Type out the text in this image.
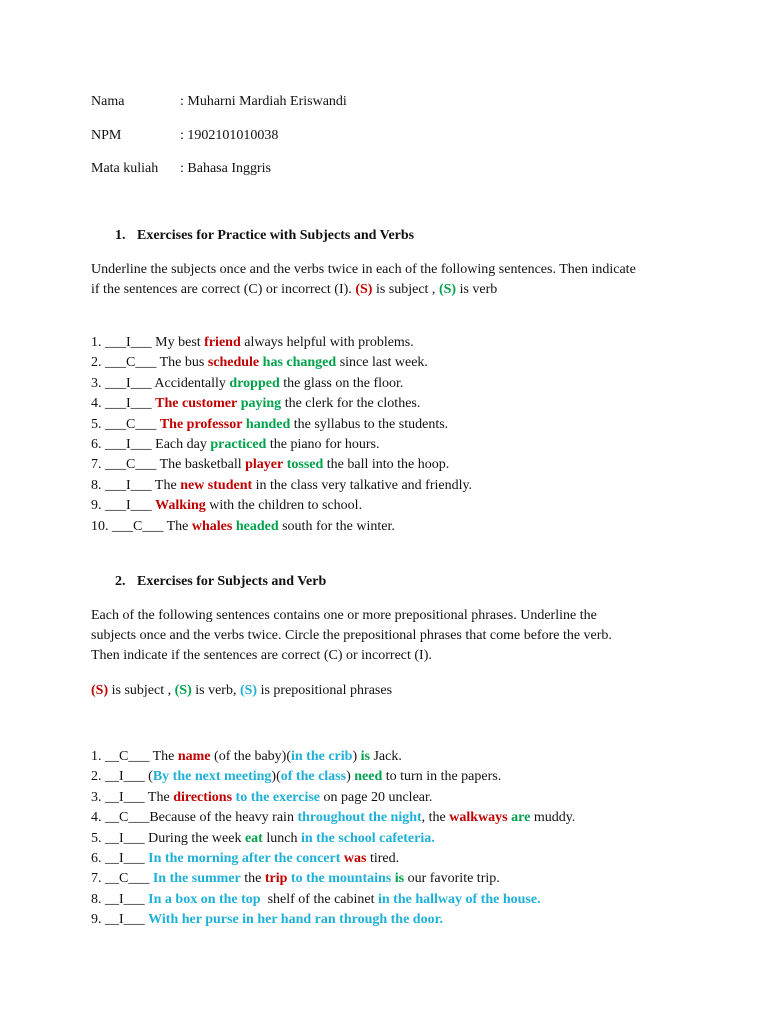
Nama	: Muharni Mardiah Eriswandi
NPM	: 1902101010038
Mata kuliah : Bahasa Inggris
1. Exercises for Practice with Subjects and Verbs

Underline the subjects once and the verbs twice in each of the following sentences. Then indicate

if the sentences are correct (C) or incorrect (I). (S) is subject , (S) is verb

1. ___I___ My best friend always helpful with problems.
2. ___C___ The bus schedule has changed since last week.
3. ___I___ Accidentally dropped the glass on the floor.
4. ___I___ The customer paying the clerk for the clothes.
5. ___C___ The professor handed the syllabus to the students.
6. ___I___ Each day practiced the piano for hours.
7. ___C___ The basketball player tossed the ball into the hoop.
8. ___I___ The new student in the class very talkative and friendly.
9. ___I___ Walking with the children to school.
10. ___C___ The whales headed south for the winter.
2. Exercises for Subjects and Verb

Each of the following sentences contains one or more prepositional phrases. Underline the

subjects once and the verbs twice. Circle the prepositional phrases that come before the verb.

Then indicate if the sentences are correct (C) or incorrect (I).

(S) is subject , (S) is verb, (S) is prepositional phrases

1. __C___ The name (of the baby)(in the crib) is Jack.
2. __I___ (By the next meeting)(of the class) need to turn in the papers.
3. __I___ The directions to the exercise on page 20 unclear.
4. __C___Because of the heavy rain throughout the night, the walkways are muddy.
5. __I___ During the week eat lunch in the school cafeteria.
6. __I___ In the morning after the concert was tired.
7. __C___ In the summer the trip to the mountains is our favorite trip.
8. __I___ In a box on the top  shelf of the cabinet in the hallway of the house.
9. __I___ With her purse in her hand ran through the door.
